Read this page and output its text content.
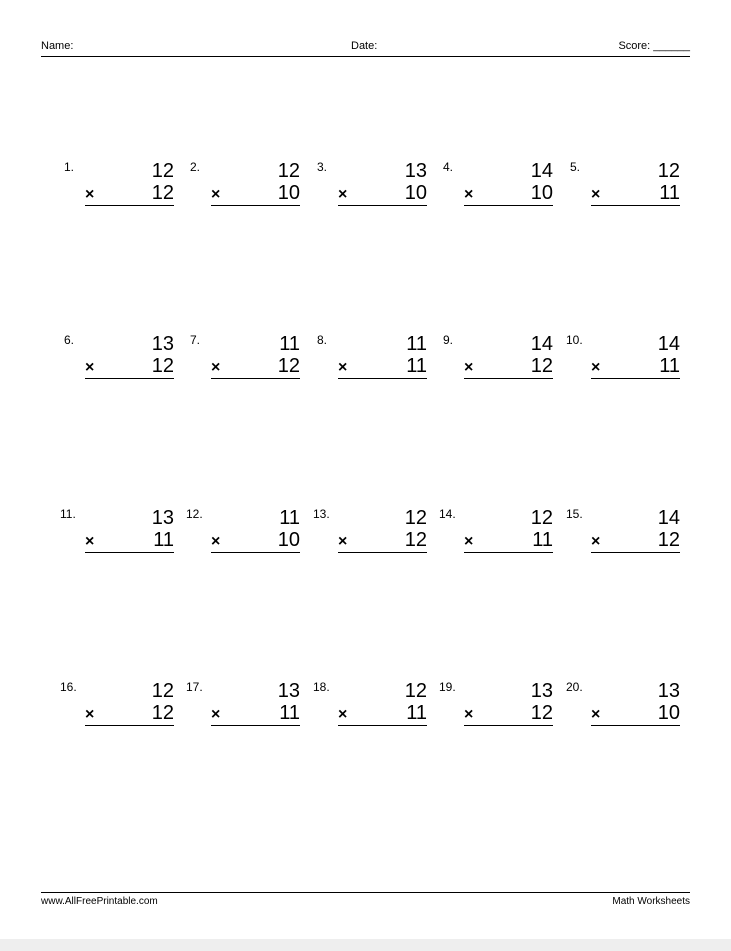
Name:	Date:	Score: ______
1.	12
×	12
2.	12
×	10
3.	13
×	10
4.	14
×	10
5.	12
×	11
6.	13
×	12
7.	11
×	12
8.	11
×	11
9.	14
×	12
10.	14
×	11
11.	13
×	11
12.	11
×	10
13.	12
×	12
14.	12
×	11
15.	14
×	12
16.	12
×	12
17.	13
×	11
18.	12
×	11
19.	13
×	12
20.	13
×	10
www.AllFreePrintable.com	Math Worksheets
